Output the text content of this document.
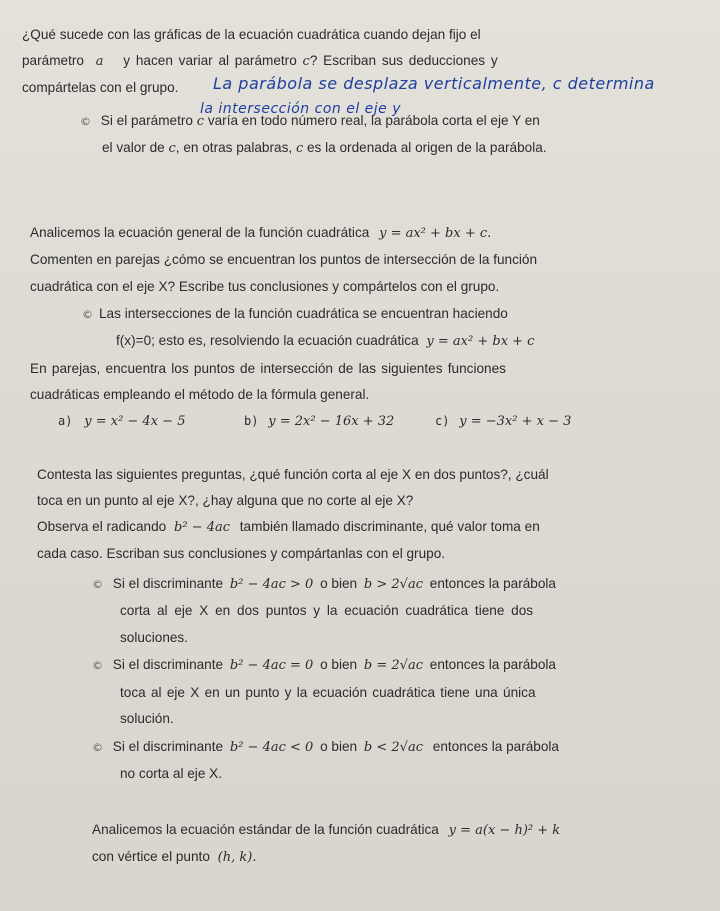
¿Qué sucede con las gráficas de la ecuación cuadrática cuando dejan fijo el
parámetro a y hacen variar al parámetro c? Escriban sus deducciones y
compártelas con el grupo. La parábola se desplaza verticalmente, c determina
la intersección con el eje y
© Si el parámetro c varía en todo número real, la parábola corta el eje Y en
el valor de c, en otras palabras, c es la ordenada al origen de la parábola.
Analicemos la ecuación general de la función cuadrática y = ax² + bx + c.
Comenten en parejas ¿cómo se encuentran los puntos de intersección de la función
cuadrática con el eje X? Escribe tus conclusiones y compártelos con el grupo.
© Las intersecciones de la función cuadrática se encuentran haciendo
f(x)=0; esto es, resolviendo la ecuación cuadrática y = ax² + bx + c
En parejas, encuentra los puntos de intersección de las siguientes funciones
cuadráticas empleando el método de la fórmula general.
a) y = x² − 4x − 5	b) y = 2x² − 16x + 32	c) y = −3x² + x − 3
Contesta las siguientes preguntas, ¿qué función corta al eje X en dos puntos?, ¿cuál
toca en un punto al eje X?, ¿hay alguna que no corte al eje X?
Observa el radicando b² − 4ac también llamado discriminante, qué valor toma en
cada caso. Escriban sus conclusiones y compártanlas con el grupo.
© Si el discriminante b² − 4ac > 0 o bien b > 2√ac entonces la parábola
corta al eje X en dos puntos y la ecuación cuadrática tiene dos
soluciones.
© Si el discriminante b² − 4ac = 0 o bien b = 2√ac entonces la parábola
toca al eje X en un punto y la ecuación cuadrática tiene una única
solución.
© Si el discriminante b² − 4ac < 0 o bien b < 2√ac entonces la parábola
no corta al eje X.
Analicemos la ecuación estándar de la función cuadrática y = a(x − h)² + k
con vértice el punto (h, k).
